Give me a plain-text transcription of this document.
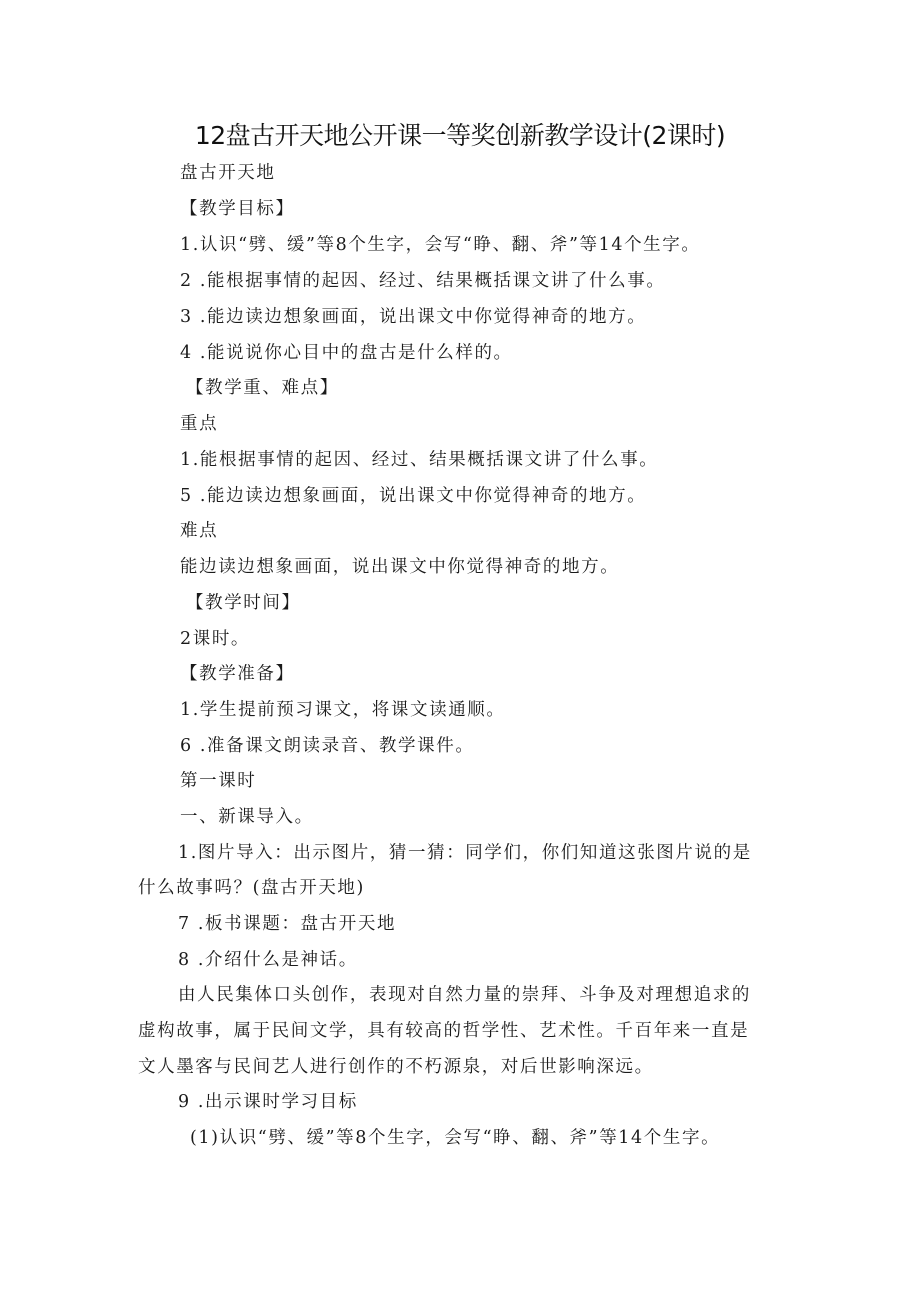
12盘古开天地公开课一等奖创新教学设计(2课时)
盘古开天地
【教学目标】
1.认识“劈、缓”等8个生字，会写“睁、翻、斧”等14个生字。
2 .能根据事情的起因、经过、结果概括课文讲了什么事。
3 .能边读边想象画面，说出课文中你觉得神奇的地方。
4 .能说说你心目中的盘古是什么样的。
【教学重、难点】
重点
1.能根据事情的起因、经过、结果概括课文讲了什么事。
5 .能边读边想象画面，说出课文中你觉得神奇的地方。
难点
能边读边想象画面，说出课文中你觉得神奇的地方。
【教学时间】
2课时。
【教学准备】
1.学生提前预习课文，将课文读通顺。
6 .准备课文朗读录音、教学课件。
第一课时
一、新课导入。
1.图片导入：出示图片，猜一猜：同学们，你们知道这张图片说的是
什么故事吗？(盘古开天地)
7 .板书课题：盘古开天地
8 .介绍什么是神话。
由人民集体口头创作，表现对自然力量的崇拜、斗争及对理想追求的
虚构故事，属于民间文学，具有较高的哲学性、艺术性。千百年来一直是
文人墨客与民间艺人进行创作的不朽源泉，对后世影响深远。
9 .出示课时学习目标
(1)认识“劈、缓”等8个生字，会写“睁、翻、斧”等14个生字。
